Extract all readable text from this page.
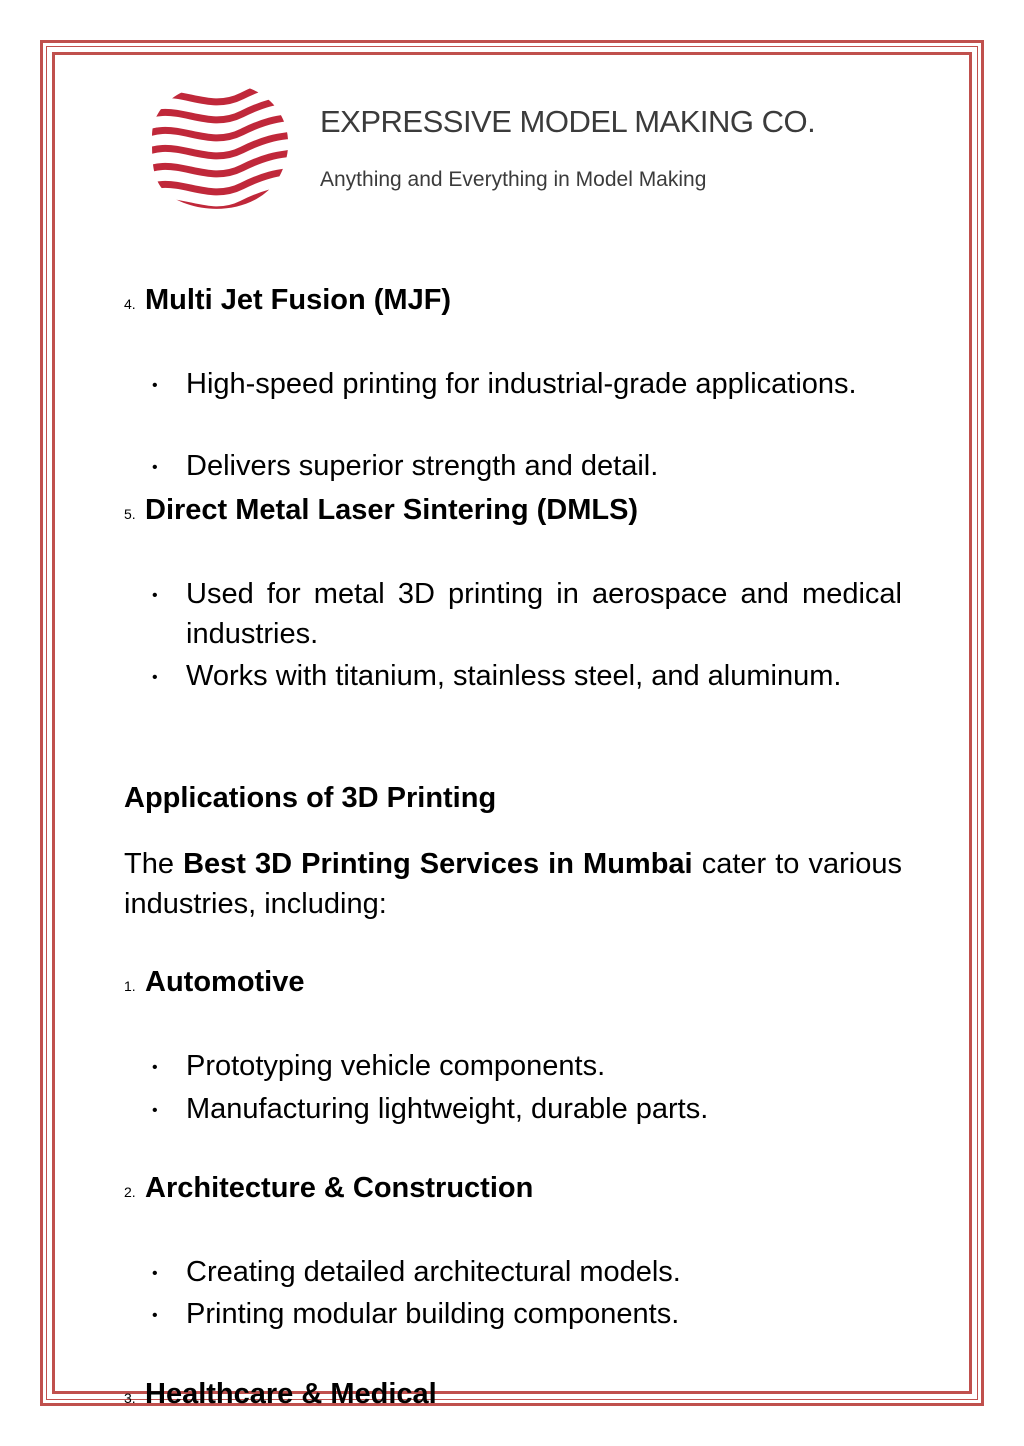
EXPRESSIVE MODEL MAKING CO.
Anything and Everything in Model Making
4. Multi Jet Fusion (MJF)
• High-speed printing for industrial-grade applications.
• Delivers superior strength and detail.
5. Direct Metal Laser Sintering (DMLS)
• Used for metal 3D printing in aerospace and medical industries.
• Works with titanium, stainless steel, and aluminum.
Applications of 3D Printing
The Best 3D Printing Services in Mumbai cater to various industries, including:
1. Automotive
• Prototyping vehicle components.
• Manufacturing lightweight, durable parts.
2. Architecture & Construction
• Creating detailed architectural models.
• Printing modular building components.
3. Healthcare & Medical
